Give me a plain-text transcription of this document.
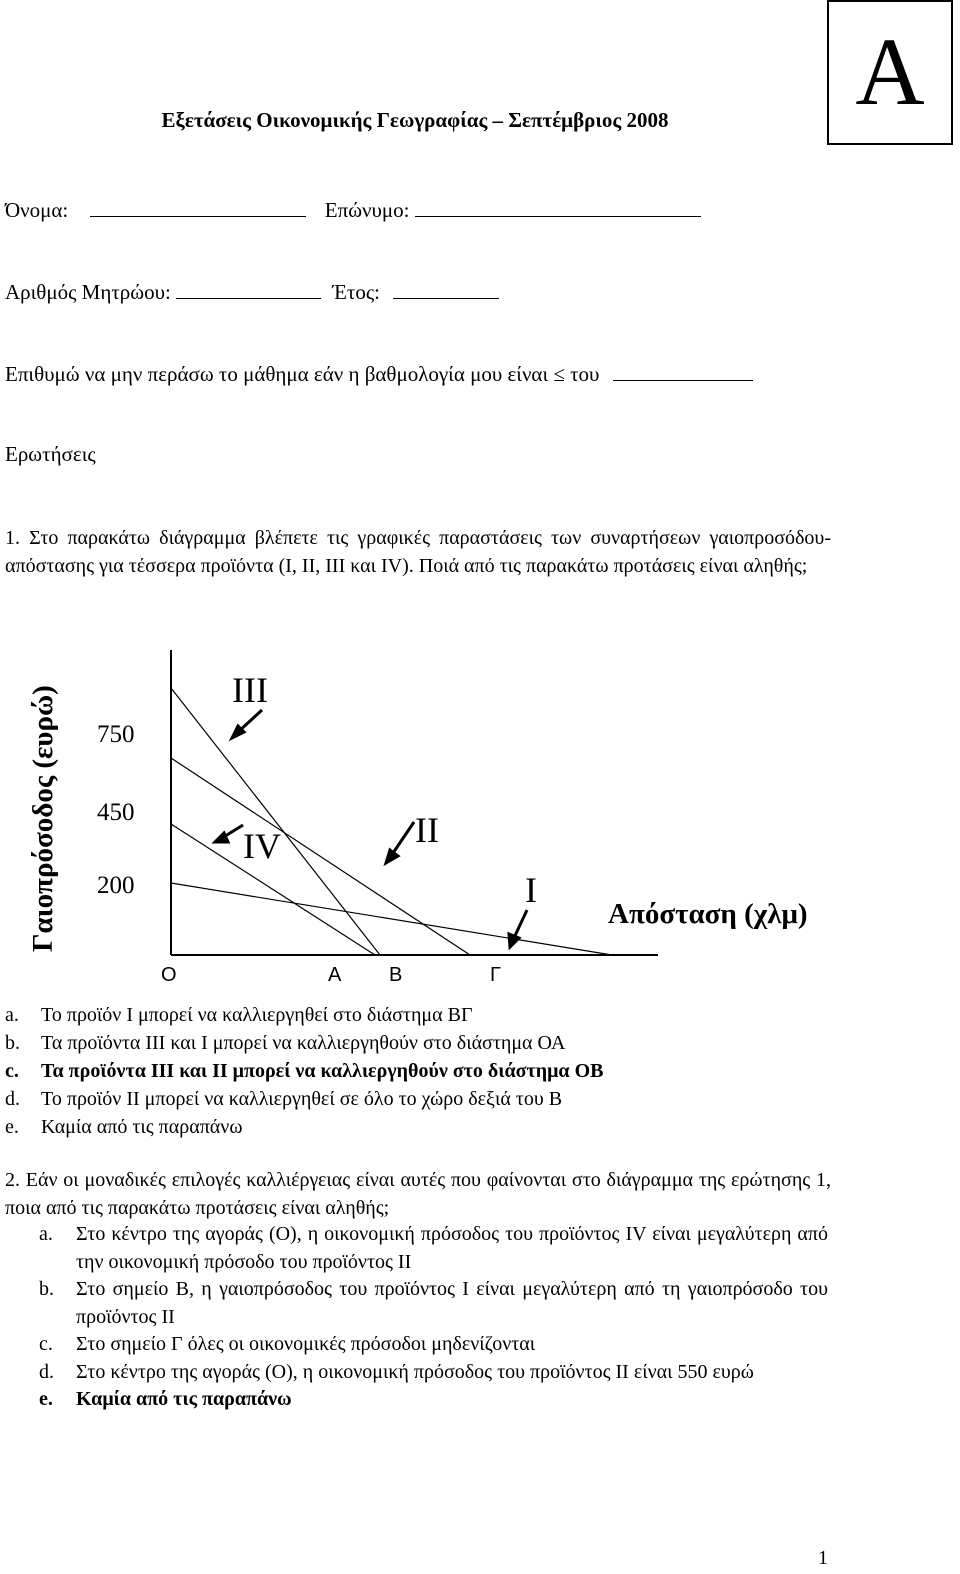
A
Εξετάσεις Οικονομικής Γεωγραφίας – Σεπτέμβριος 2008
Όνομα:	Επώνυμο:
Αριθμός Μητρώου:	Έτος:
Επιθυμώ να μην περάσω το μάθημα εάν η βαθμολογία μου είναι ≤ του
Ερωτήσεις
1. Στο παρακάτω διάγραμμα βλέπετε τις γραφικές παραστάσεις των συναρτήσεων γαιοπροσόδου-απόστασης για τέσσερα προϊόντα (Ι, ΙΙ, ΙΙΙ και ΙV). Ποιά από τις παρακάτω προτάσεις είναι αληθής;
Γαιοπρόσοδος (ευρώ) 750
450
200
ΙΙΙ
ΙΙ
ΙV
Ι
Απόσταση (χλμ)
Ο	Α Β	Γ
a. Το προϊόν Ι μπορεί να καλλιεργηθεί στο διάστημα ΒΓ
b. Τα προϊόντα ΙΙΙ και Ι μπορεί να καλλιεργηθούν στο διάστημα ΟΑ
c. Τα προϊόντα ΙΙΙ και ΙΙ μπορεί να καλλιεργηθούν στο διάστημα ΟΒ
d. Το προϊόν ΙΙ μπορεί να καλλιεργηθεί σε όλο το χώρο δεξιά του Β
e. Καμία από τις παραπάνω
2. Εάν οι μοναδικές επιλογές καλλιέργειας είναι αυτές που φαίνονται στο διάγραμμα της ερώτησης 1, ποια από τις παρακάτω προτάσεις είναι αληθής;
a. Στο κέντρο της αγοράς (Ο), η οικονομική πρόσοδος του προϊόντος ΙV είναι μεγαλύτερη από την οικονομική πρόσοδο του προϊόντος ΙΙ
b. Στο σημείο Β, η γαιοπρόσοδος του προϊόντος Ι είναι μεγαλύτερη από τη γαιοπρόσοδο του προϊόντος ΙΙ
c. Στο σημείο Γ όλες οι οικονομικές πρόσοδοι μηδενίζονται
d. Στο κέντρο της αγοράς (Ο), η οικονομική πρόσοδος του προϊόντος ΙΙ είναι 550 ευρώ
e. Καμία από τις παραπάνω
1
